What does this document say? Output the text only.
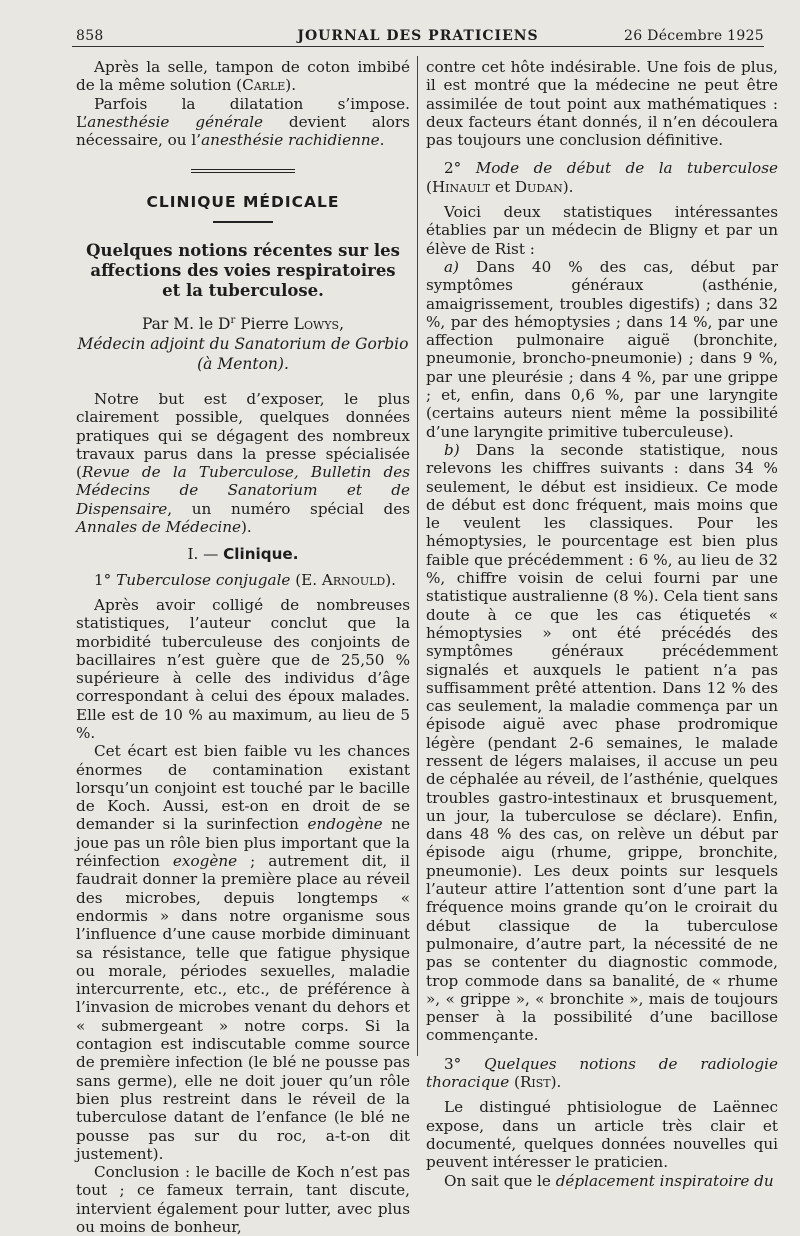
858	JOURNAL DES PRATICIENS	26 Décembre 1925

Après la selle, tampon de coton imbibé de la même solution (Carle).

Parfois la dilatation s’impose. L’anesthésie générale devient alors nécessaire, ou l’anesthésie rachidienne.

CLINIQUE MÉDICALE
Quelques notions récentes sur les affections des voies respiratoires et la tuberculose.
Par M. le $D^r$ Pierre Lowys,
Médecin adjoint du Sanatorium de Gorbio
(à Menton).

Notre but est d’exposer, le plus clairement possible, quelques données pratiques qui se dégagent des nombreux travaux parus dans la presse spécialisée (Revue de la Tuberculose, Bulletin des Médecins de Sanatorium et de Dispensaire, un numéro spécial des Annales de Médecine).

I. — Clinique.

1° Tuberculose conjugale (E. Arnould).

Après avoir colligé de nombreuses statistiques, l’auteur conclut que la morbidité tuberculeuse des conjoints de bacillaires n’est guère que de 25,50 % supérieure à celle des individus d’âge correspondant à celui des époux malades. Elle est de 10 % au maximum, au lieu de 5 %.

Cet écart est bien faible vu les chances énormes de contamination existant lorsqu’un conjoint est touché par le bacille de Koch. Aussi, est-on en droit de se demander si la surinfection endogène ne joue pas un rôle bien plus important que la réinfection exogène ; autrement dit, il faudrait donner la première place au réveil des microbes, depuis longtemps « endormis » dans notre organisme sous l’influence d’une cause morbide diminuant sa résistance, telle que fatigue physique ou morale, périodes sexuelles, maladie intercurrente, etc., etc., de préférence à l’invasion de microbes venant du dehors et « submergeant » notre corps. Si la contagion est indiscutable comme source de première infection (le blé ne pousse pas sans germe), elle ne doit jouer qu’un rôle bien plus restreint dans le réveil de la tuberculose datant de l’enfance (le blé ne pousse pas sur du roc, a-t-on dit justement).

Conclusion : le bacille de Koch n’est pas tout ; ce fameux terrain, tant discute, intervient également pour lutter, avec plus ou moins de bonheur,

contre cet hôte indésirable. Une fois de plus, il est montré que la médecine ne peut être assimilée de tout point aux mathématiques : deux facteurs étant donnés, il n’en découlera pas toujours une conclusion définitive.

2° Mode de début de la tuberculose (Hinault et Dudan).

Voici deux statistiques intéressantes établies par un médecin de Bligny et par un élève de Rist :

a) Dans 40 % des cas, début par symptômes généraux (asthénie, amaigrissement, troubles digestifs) ; dans 32 %, par des hémoptysies ; dans 14 %, par une affection pulmonaire aiguë (bronchite, pneumonie, broncho-pneumonie) ; dans 9 %, par une pleurésie ; dans 4 %, par une grippe ; et, enfin, dans 0,6 %, par une laryngite (certains auteurs nient même la possibilité d’une laryngite primitive tuberculeuse).

b) Dans la seconde statistique, nous relevons les chiffres suivants : dans 34 % seulement, le début est insidieux. Ce mode de début est donc fréquent, mais moins que le veulent les classiques. Pour les hémoptysies, le pourcentage est bien plus faible que précédemment : 6 %, au lieu de 32 %, chiffre voisin de celui fourni par une statistique australienne (8 %). Cela tient sans doute à ce que les cas étiquetés « hémoptysies » ont été précédés des symptômes généraux précédemment signalés et auxquels le patient n’a pas suffisamment prêté attention. Dans 12 % des cas seulement, la maladie commença par un épisode aiguë avec phase prodromique légère (pendant 2-6 semaines, le malade ressent de légers malaises, il accuse un peu de céphalée au réveil, de l’asthénie, quelques troubles gastro-intestinaux et brusquement, un jour, la tuberculose se déclare). Enfin, dans 48 % des cas, on relève un début par épisode aigu (rhume, grippe, bronchite, pneumonie). Les deux points sur lesquels l’auteur attire l’attention sont d’une part la fréquence moins grande qu’on le croirait du début classique de la tuberculose pulmonaire, d’autre part, la nécessité de ne pas se contenter du diagnostic commode, trop commode dans sa banalité, de « rhume », « grippe », « bronchite », mais de toujours penser à la possibilité d’une bacillose commençante.

3° Quelques notions de radiologie thoracique (Rist).

Le distingué phtisiologue de Laënnec expose, dans un article très clair et documenté, quelques données nouvelles qui peuvent intéresser le praticien.

On sait que le déplacement inspiratoire du
